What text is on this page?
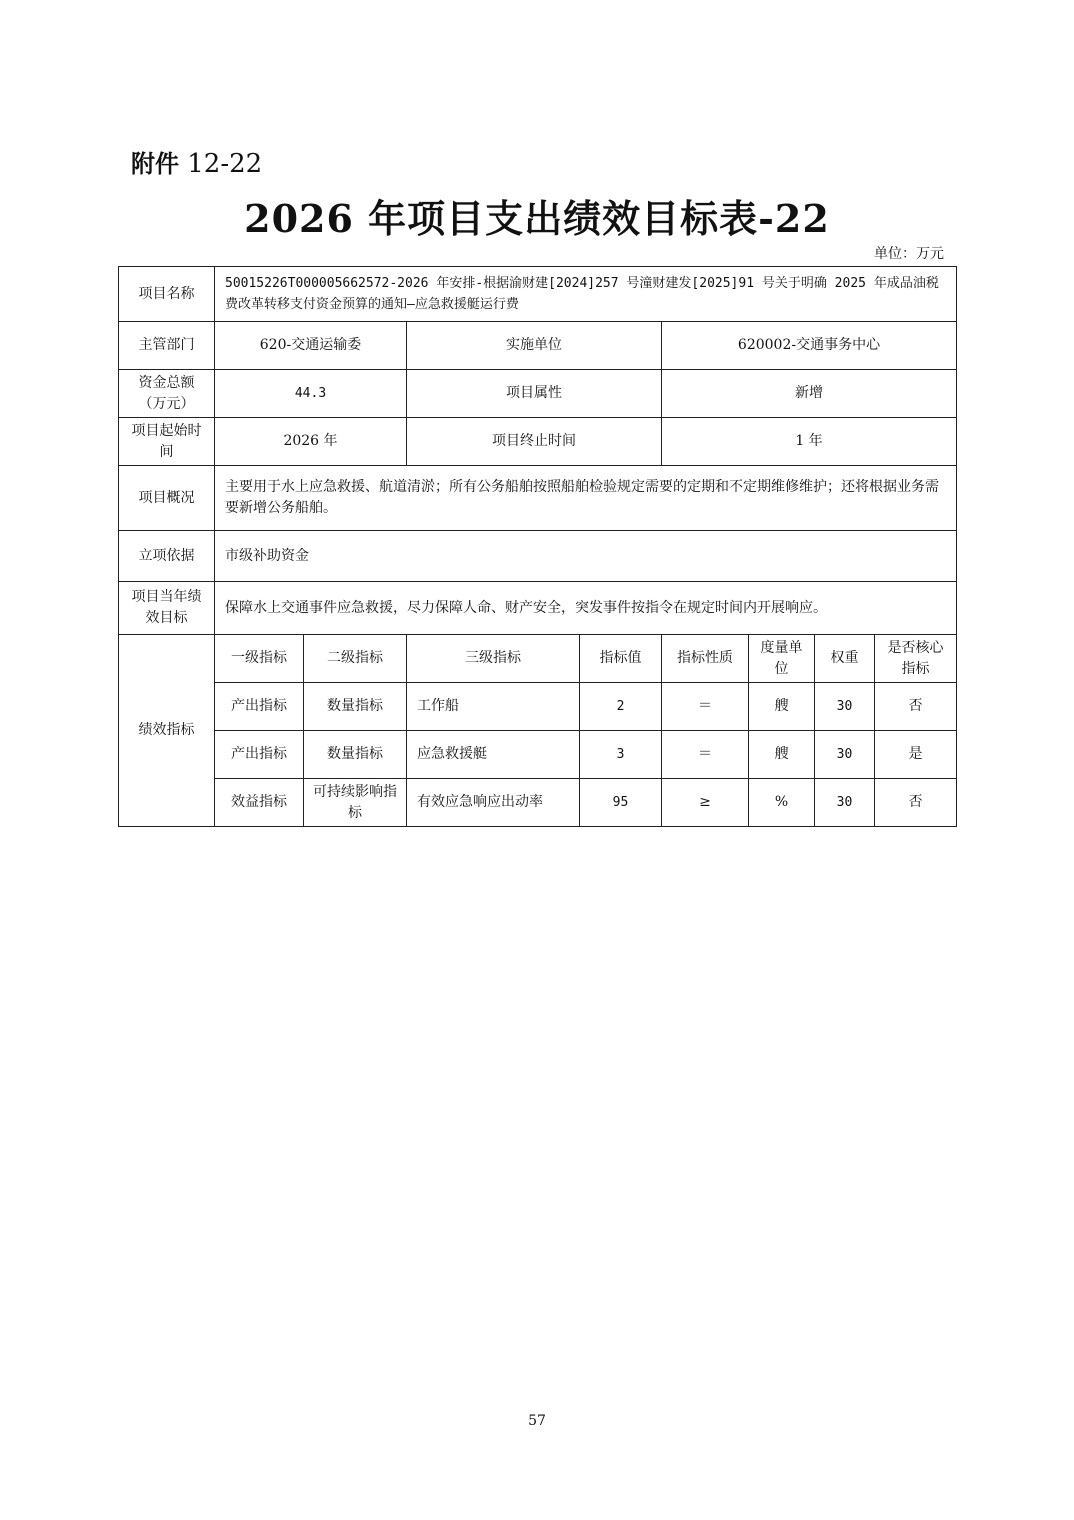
附件 12-22
2026 年项目支出绩效目标表-22
单位：万元
项目名称	50015226T000005662572-2026 年安排-根据渝财建[2024]257 号潼财建发[2025]91 号关于明确 2025 年成品油税费改革转移支付资金预算的通知—应急救援艇运行费							
主管部门	620-交通运输委		实施单位		620002-交通事务中心			
资金总额（万元）	44.3		项目属性		新增			
项目起始时间	2026 年		项目终止时间		1 年			
项目概况	主要用于水上应急救援、航道清淤；所有公务船舶按照船舶检验规定需要的定期和不定期维修维护；还将根据业务需要新增公务船舶。							
立项依据	市级补助资金							
项目当年绩效目标	保障水上交通事件应急救援，尽力保障人命、财产安全，突发事件按指令在规定时间内开展响应。							
绩效指标	一级指标	二级指标	三级指标	指标值	指标性质	度量单位	权重	是否核心指标
	产出指标	数量指标	工作船	2	＝	艘	30	否
	产出指标	数量指标	应急救援艇	3	＝	艘	30	是
	效益指标	可持续影响指标	有效应急响应出动率	95	≥	%	30	否
57
